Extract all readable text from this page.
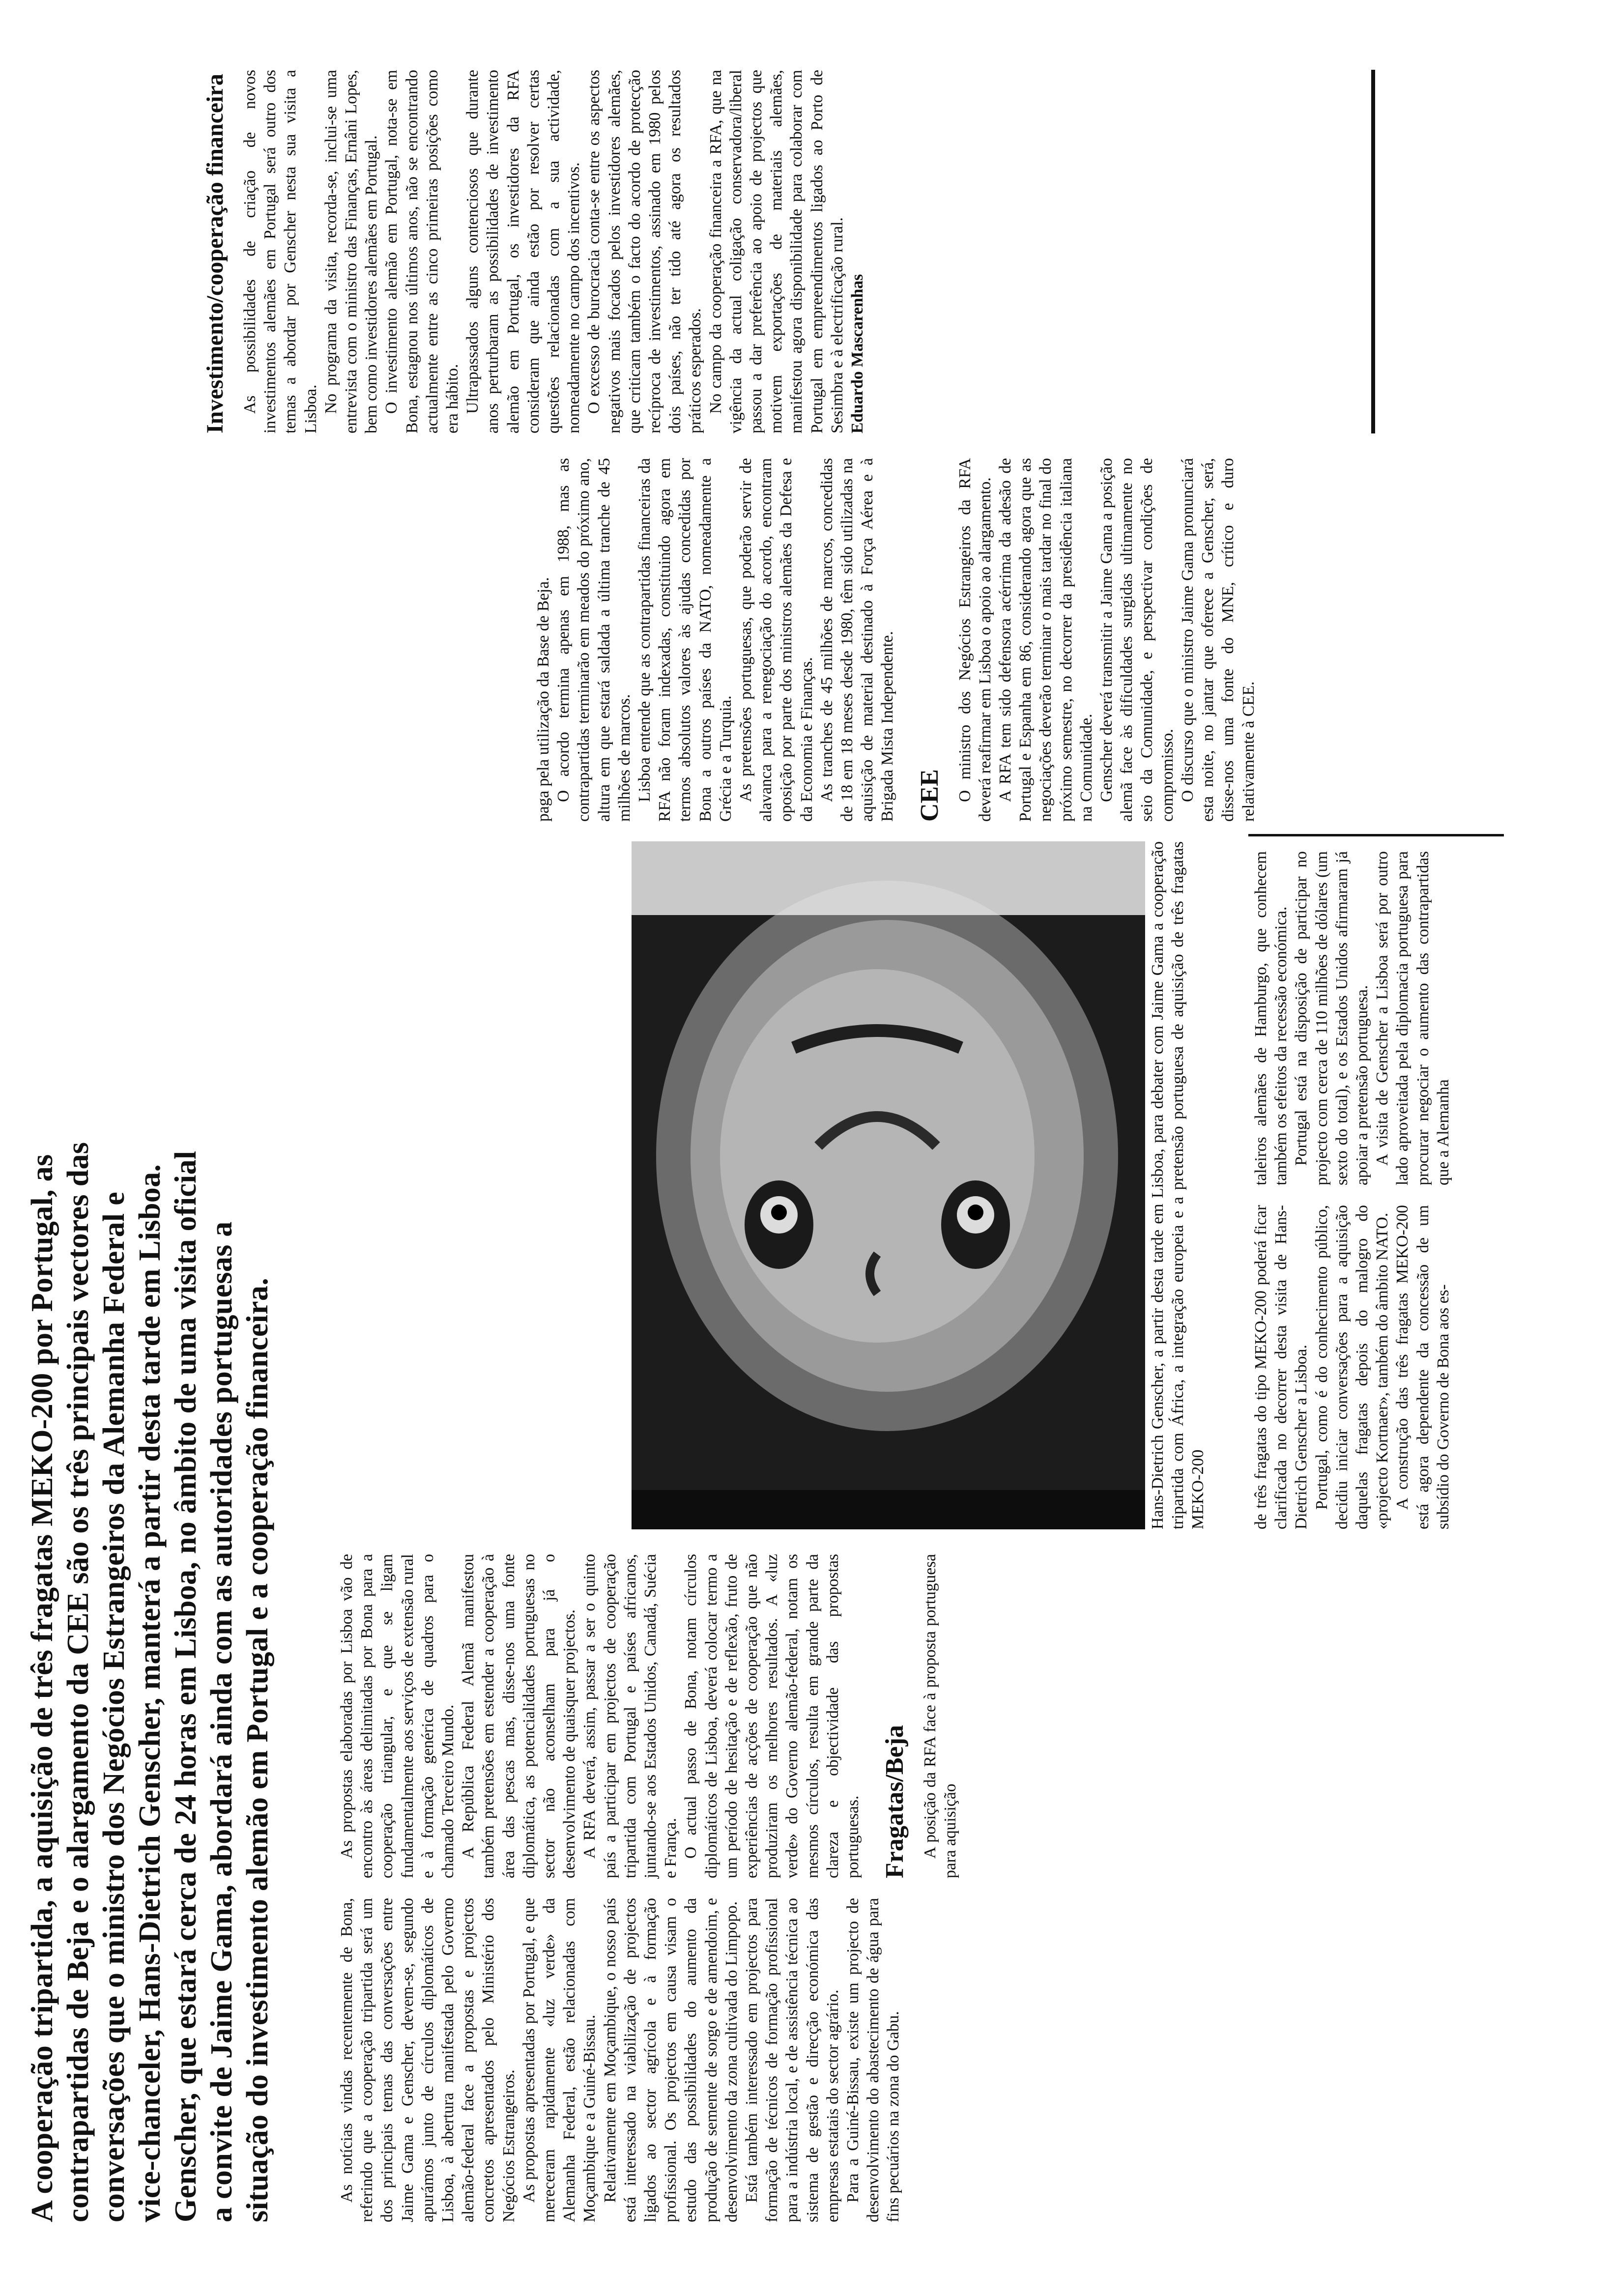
A cooperação tripartida, a aquisição de três fragatas MEKO-200 por Portugal, as contrapartidas de Beja e o alargamento da CEE são os três principais vectores das conversações que o ministro dos Negócios Estrangeiros da Alemanha Federal e vice-chanceler, Hans-Dietrich Genscher, manterá a partir desta tarde em Lisboa. Genscher, que estará cerca de 24 horas em Lisboa, no âmbito de uma visita oficial a convite de Jaime Gama, abordará ainda com as autoridades portuguesas a situação do investimento alemão em Portugal e a cooperação financeira.	As notícias vindas recentemente de Bona, referindo que a cooperação tripartida será um dos principais temas das conversações entre Jaime Gama e Genscher, devem-se, segundo apurámos junto de círculos diplomáticos de Lisboa, à abertura manifestada pelo Governo alemão-federal face a propostas e projectos concretos apresentados pelo Ministério dos Negócios Estrangeiros. As propostas apresentadas por Portugal, e que mereceram rapidamente «luz verde» da Alemanha Federal, estão relacionadas com Moçambique e a Guiné-Bissau. Relativamente em Moçambique, o nosso país está interessado na viabilização de projectos ligados ao sector agrícola e à formação profissional. Os projectos em causa visam o estudo das possibilidades do aumento da produção de semente de sorgo e de amendoim, e desenvolvimento da zona cultivada do Limpopo. Está também interessado em projectos para formação de técnicos de formação profissional para a indústria local, e de assistência técnica ao sistema de gestão e direcção económica das empresas estatais do sector agrário. Para a Guiné-Bissau, existe um projecto de desenvolvimento do abastecimento de água para fins pecuários na zona do Gabu.

As propostas elaboradas por Lisboa vão de encontro às áreas delimitadas por Bona para a cooperação triangular, e que se ligam fundamentalmente aos serviços de extensão rural e à formação genérica de quadros para o chamado Terceiro Mundo. A República Federal Alemã manifestou também pretensões em estender a cooperação à área das pescas mas, disse-nos uma fonte diplomática, as potencialidades portuguesas no sector não aconselham para já o desenvolvimento de quaisquer projectos. A RFA deverá, assim, passar a ser o quinto país a participar em projectos de cooperação tripartida com Portugal e países africanos, juntando-se aos Estados Unidos, Canadá, Suécia e França. O actual passo de Bona, notam círculos diplomáticos de Lisboa, deverá colocar termo a um período de hesitação e de reflexão, fruto de experiências de acções de cooperação que não produziram os melhores resultados. A «luz verde» do Governo alemão-federal, notam os mesmos círculos, resulta em grande parte da clareza e objectividade das propostas portuguesas. Fragatas/Beja A posição da RFA face à proposta portuguesa para aquisição

Hans-Dietrich Genscher, a partir desta tarde em Lisboa, para debater com Jaime Gama a cooperação tripartida com África, a integração europeia e a pretensão portuguesa de aquisição de três fragatas MEKO-200	de três fragatas do tipo MEKO-200 poderá ficar clarificada no decorrer desta visita de Hans-Dietrich Genscher a Lisboa. Portugal, como é do conhecimento público, decidiu iniciar conversações para a aquisição daquelas fragatas depois do malogro do «projecto Kortnaer», também do âmbito NATO. A construção das três fragatas MEKO-200 está agora dependente da concessão de um subsídio do Governo de Bona aos es-

taleiros alemães de Hamburgo, que conhecem também os efeitos da recessão económica. Portugal está na disposição de participar no projecto com cerca de 110 milhões de dólares (um sexto do total), e os Estados Unidos afirmaram já apoiar a pretensão portuguesa. A visita de Genscher a Lisboa será por outro lado aproveitada pela diplomacia portuguesa para procurar negociar o aumento das contrapartidas que a Alemanha

paga pela utilização da Base de Beja. O acordo termina apenas em 1988, mas as contrapartidas terminarão em meados do próximo ano, altura em que estará saldada a última tranche de 45 milhões de marcos. Lisboa entende que as contrapartidas financeiras da RFA não foram indexadas, constituindo agora em termos absolutos valores às ajudas concedidas por Bona a outros países da NATO, nomeadamente a Grécia e a Turquia. As pretensões portuguesas, que poderão servir de alavanca para a renegociação do acordo, encontram oposição por parte dos ministros alemães da Defesa e da Economia e Finanças. As tranches de 45 milhões de marcos, concedidas de 18 em 18 meses desde 1980, têm sido utilizadas na aquisição de material destinado à Força Aérea e à Brigada Mista Independente. CEE O ministro dos Negócios Estrangeiros da RFA deverá reafirmar em Lisboa o apoio ao alargamento. A RFA tem sido defensora acérrima da adesão de Portugal e Espanha em 86, considerando agora que as negociações deverão terminar o mais tardar no final do próximo semestre, no decorrer da presidência italiana na Comunidade. Genscher deverá transmitir a Jaime Gama a posição alemã face às dificuldades surgidas ultimamente no seio da Comunidade, e perspectivar condições de compromisso. O discurso que o ministro Jaime Gama pronunciará esta noite, no jantar que oferece a Genscher, será, disse-nos uma fonte do MNE, crítico e duro relativamente à CEE.

Investimento/cooperação financeira As possibilidades de criação de novos investimentos alemães em Portugal será outro dos temas a abordar por Genscher nesta sua visita a Lisboa. No programa da visita, recorda-se, inclui-se uma entrevista com o ministro das Finanças, Ernâni Lopes, bem como investidores alemães em Portugal. O investimento alemão em Portugal, nota-se em Bona, estagnou nos últimos anos, não se encontrando actualmente entre as cinco primeiras posições como era hábito. Ultrapassados alguns contenciosos que durante anos perturbaram as possibilidades de investimento alemão em Portugal, os investidores da RFA consideram que ainda estão por resolver certas questões relacionadas com a sua actividade, nomeadamente no campo dos incentivos. O excesso de burocracia conta-se entre os aspectos negativos mais focados pelos investidores alemães, que criticam também o facto do acordo de protecção recíproca de investimentos, assinado em 1980 pelos dois países, não ter tido até agora os resultados práticos esperados. No campo da cooperação financeira a RFA, que na vigência da actual coligação conservadora/liberal passou a dar preferência ao apoio de projectos que motivem exportações de materiais alemães, manifestou agora disponibilidade para colaborar com Portugal em empreendimentos ligados ao Porto de Sesimbra e à electrificação rural. Eduardo Mascarenhas
